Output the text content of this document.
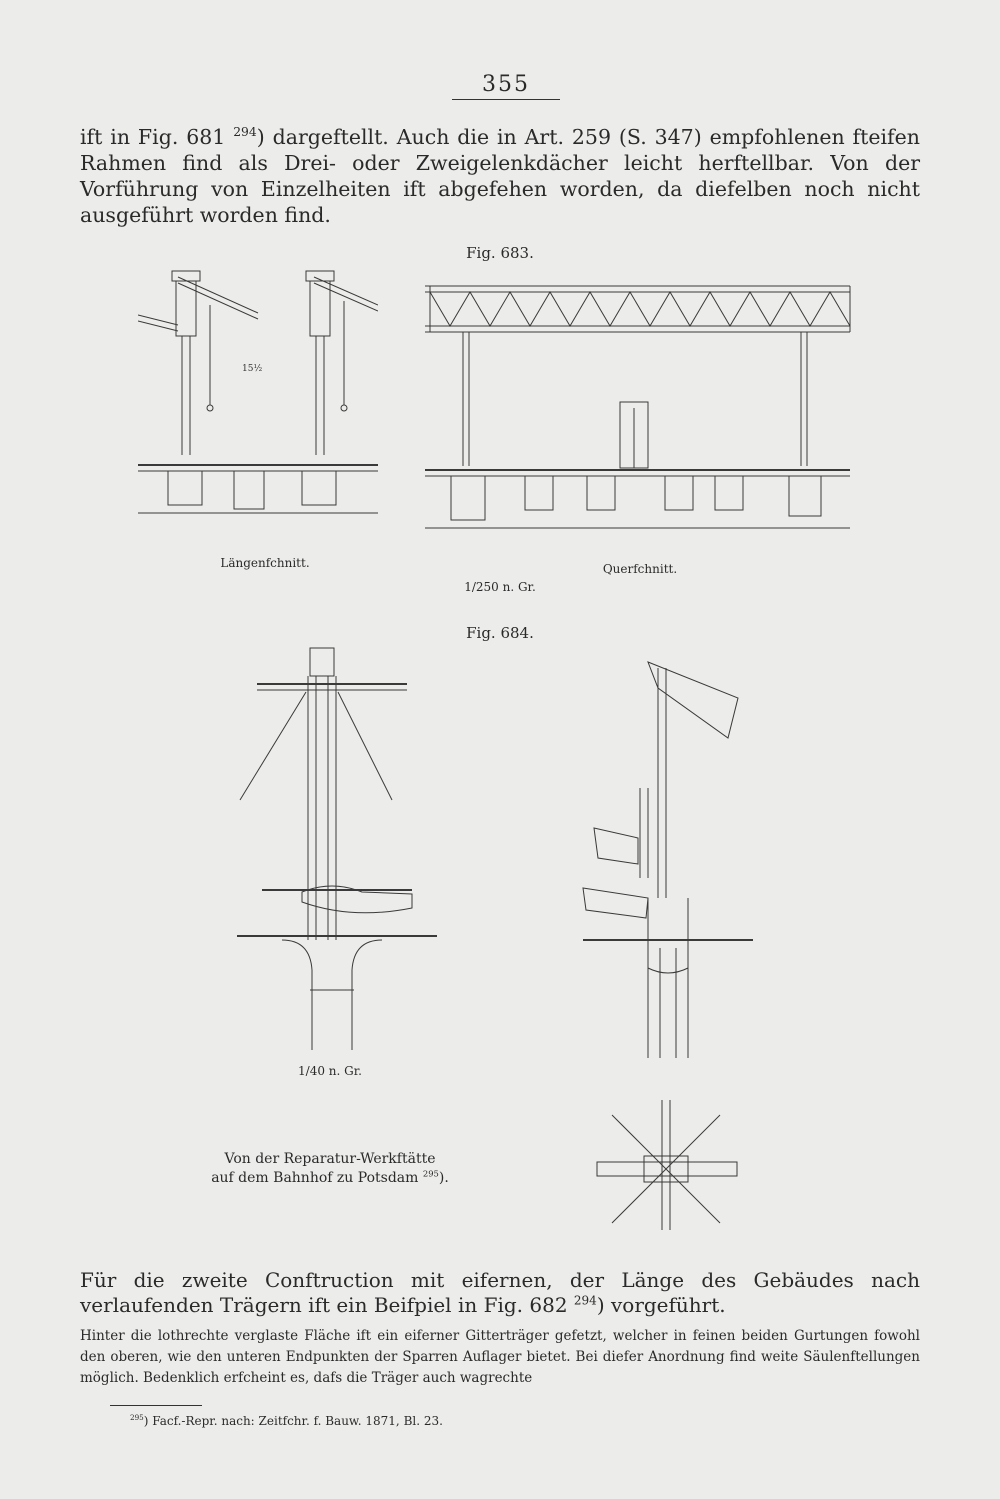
355

ift in Fig. 681 $^{294}$) dargeftellt. Auch die in Art. 259 (S. 347) empfohlenen fteifen Rahmen find als Drei- oder Zweigelenkdächer leicht herftellbar. Von der Vorführung von Einzelheiten ift abgefehen worden, da diefelben noch nicht ausgeführt worden find.

Fig. 683.
15½
Längenfchnitt.	Querfchnitt.
1/250 n. Gr.
Fig. 684.
1/40 n. Gr.
Von der Reparatur-Werkftätte
auf dem Bahnhof zu Potsdam $^{295}$).

Für die zweite Conftruction mit eifernen, der Länge des Gebäudes nach verlaufenden Trägern ift ein Beifpiel in Fig. 682 $^{294}$) vorgeführt.

Hinter die lothrechte verglaste Fläche ift ein eiferner Gitterträger gefetzt, welcher in feinen beiden Gurtungen fowohl den oberen, wie den unteren Endpunkten der Sparren Auflager bietet. Bei diefer Anordnung find weite Säulenftellungen möglich. Bedenklich erfcheint es, dafs die Träger auch wagrechte

$^{295}$) Facf.-Repr. nach: Zeitfchr. f. Bauw. 1871, Bl. 23.
